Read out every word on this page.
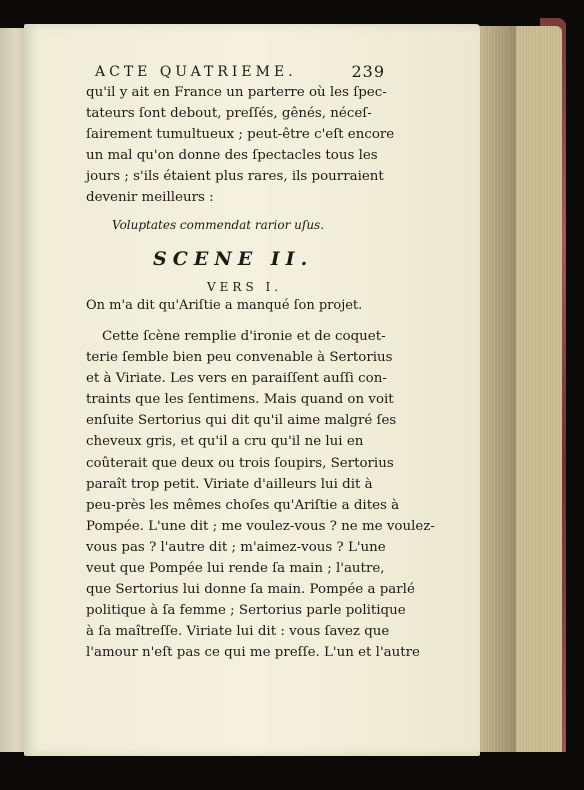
ACTE QUATRIEME.	239
qu'il y ait en France un parterre où les ſpec-
tateurs ſont debout, preſſés, gênés, néceſ-
ſairement tumultueux ; peut-être c'eſt encore
un mal qu'on donne des ſpectacles tous les
jours ; s'ils étaient plus rares, ils pourraient
devenir meilleurs :
Voluptates commendat rarior uſus.
SCENE II.
VERS I.
On m'a dit qu'Ariſtie a manqué ſon projet.
Cette ſcène remplie d'ironie et de coquet-
terie ſemble bien peu convenable à Sertorius
et à Viriate. Les vers en paraiſſent auſſi con-
traints que les ſentimens. Mais quand on voit
enſuite Sertorius qui dit qu'il aime malgré ſes
cheveux gris, et qu'il a cru qu'il ne lui en
coûterait que deux ou trois ſoupirs, Sertorius
paraît trop petit. Viriate d'ailleurs lui dit à
peu-près les mêmes choſes qu'Ariſtie a dites à
Pompée. L'une dit ; me voulez-vous ? ne me voulez-
vous pas ? l'autre dit ; m'aimez-vous ? L'une
veut que Pompée lui rende ſa main ; l'autre,
que Sertorius lui donne ſa main. Pompée a parlé
politique à ſa femme ; Sertorius parle politique
à ſa maîtreſſe. Viriate lui dit : vous ſavez que
l'amour n'eſt pas ce qui me preſſe. L'un et l'autre
